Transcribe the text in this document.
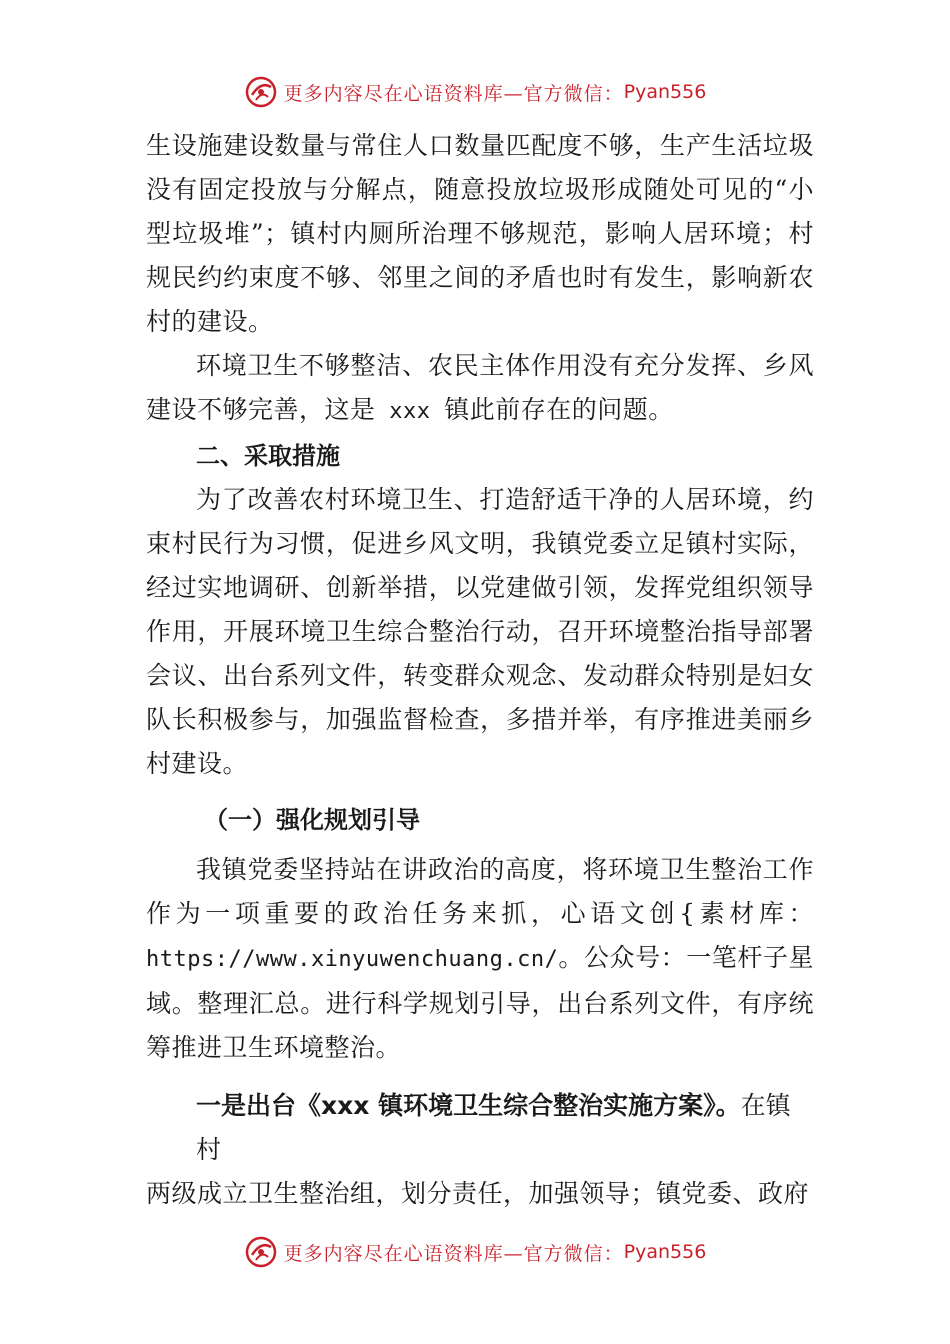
更多内容尽在心语资料库—官方微信： Pyan556

生设施建设数量与常住人口数量匹配度不够，生产生活垃圾没有固定投放与分解点，随意投放垃圾形成随处可见的“小型垃圾堆”；镇村内厕所治理不够规范，影响人居环境；村规民约约束度不够、邻里之间的矛盾也时有发生，影响新农村的建设。

环境卫生不够整洁、农民主体作用没有充分发挥、乡风建设不够完善，这是 xxx 镇此前存在的问题。

二、采取措施

为了改善农村环境卫生、打造舒适干净的人居环境，约束村民行为习惯，促进乡风文明，我镇党委立足镇村实际， 经过实地调研、创新举措，以党建做引领，发挥党组织领导作用，开展环境卫生综合整治行动，召开环境整治指导部署会议、出台系列文件，转变群众观念、发动群众特别是妇女队长积极参与，加强监督检查，多措并举，有序推进美丽乡村建设。

（一）强化规划引导

我镇党委坚持站在讲政治的高度，将环境卫生整治工作作为一项重要的政治任务来抓，心语文创{素材库：https://www.xinyuwenchuang.cn/。公众号：一笔杆子星域。整理汇总。进行科学规划引导，出台系列文件，有序统筹推进卫生环境整治。

一是出台《xxx 镇环境卫生综合整治实施方案》。在镇村

两级成立卫生整治组，划分责任，加强领导；镇党委、政府

更多内容尽在心语资料库—官方微信： Pyan556
